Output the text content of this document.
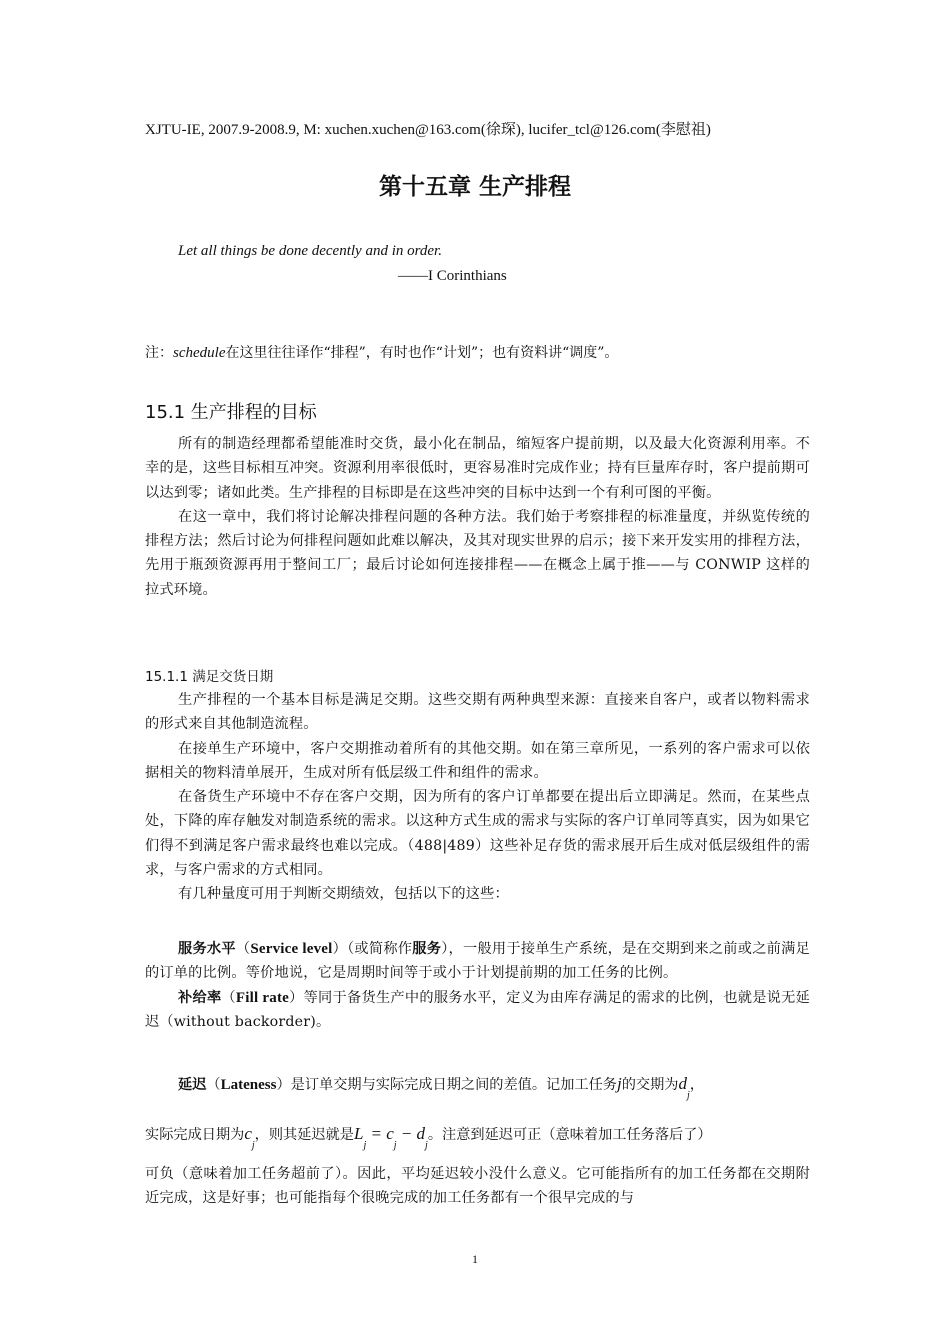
XJTU-IE, 2007.9-2008.9, M: xuchen.xuchen@163.com(徐琛), lucifer_tcl@126.com(李慰祖)
第十五章 生产排程
Let all things be done decently and in order.
——I Corinthians
注：schedule在这里往往译作“排程”，有时也作“计划”；也有资料讲“调度”。
15.1 生产排程的目标

所有的制造经理都希望能准时交货，最小化在制品，缩短客户提前期，以及最大化资源利用率。不幸的是，这些目标相互冲突。资源利用率很低时，更容易准时完成作业；持有巨量库存时，客户提前期可以达到零；诸如此类。生产排程的目标即是在这些冲突的目标中达到一个有利可图的平衡。

在这一章中，我们将讨论解决排程问题的各种方法。我们始于考察排程的标准量度，并纵览传统的排程方法；然后讨论为何排程问题如此难以解决，及其对现实世界的启示；接下来开发实用的排程方法，先用于瓶颈资源再用于整间工厂；最后讨论如何连接排程——在概念上属于推——与 CONWIP 这样的拉式环境。

15.1.1 满足交货日期

生产排程的一个基本目标是满足交期。这些交期有两种典型来源：直接来自客户，或者以物料需求的形式来自其他制造流程。

在接单生产环境中，客户交期推动着所有的其他交期。如在第三章所见，一系列的客户需求可以依据相关的物料清单展开，生成对所有低层级工件和组件的需求。

在备货生产环境中不存在客户交期，因为所有的客户订单都要在提出后立即满足。然而，在某些点处，下降的库存触发对制造系统的需求。以这种方式生成的需求与实际的客户订单同等真实，因为如果它们得不到满足客户需求最终也难以完成。（488|489）这些补足存货的需求展开后生成对低层级组件的需求，与客户需求的方式相同。

有几种量度可用于判断交期绩效，包括以下的这些：

服务水平（Service level）（或简称作服务），一般用于接单生产系统，是在交期到来之前或之前满足的订单的比例。等价地说，它是周期时间等于或小于计划提前期的加工任务的比例。

补给率（Fill rate）等同于备货生产中的服务水平，定义为由库存满足的需求的比例，也就是说无延迟（without backorder)。

延迟（Lateness）是订单交期与实际完成日期之间的差值。记加工任务j的交期为$d_j$，
实际完成日期为$c_j$，则其延迟就是$L_j = c_j - d_j$。注意到延迟可正（意味着加工任务落后了）
可负（意味着加工任务超前了）。因此，平均延迟较小没什么意义。它可能指所有的加工任务都在交期附近完成，这是好事；也可能指每个很晚完成的加工任务都有一个很早完成的与
1
